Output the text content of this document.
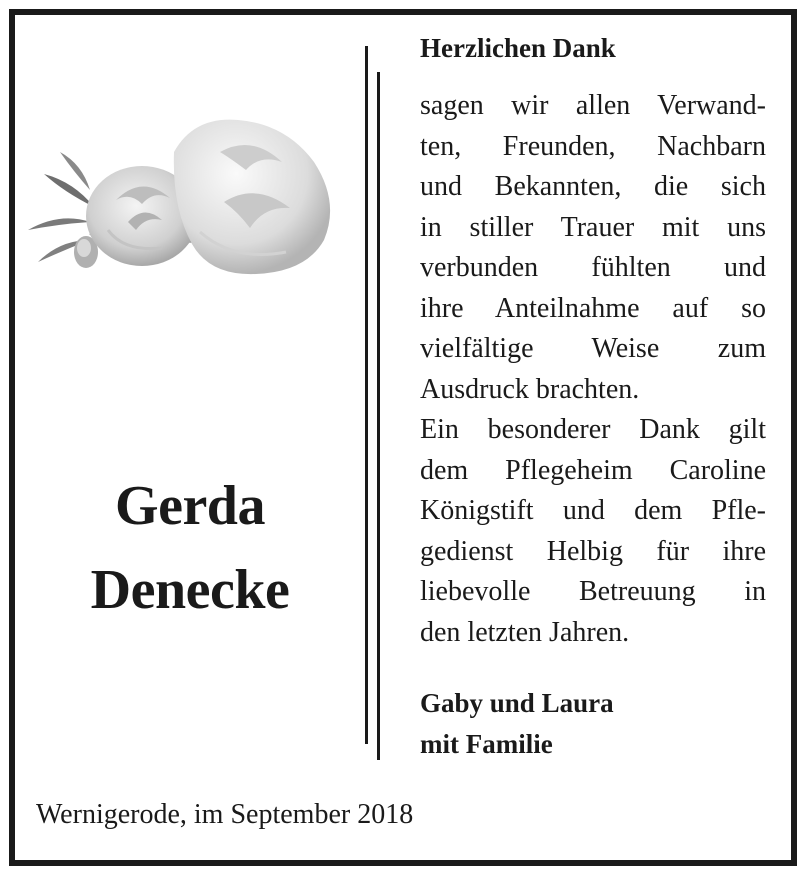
Gerda
Denecke
Herzlichen Dank
sagen wir allen Verwand-
ten, Freunden, Nachbarn
und Bekannten, die sich
in stiller Trauer mit uns
verbunden fühlten und
ihre Anteilnahme auf so
vielfältige Weise zum
Ausdruck brachten.
Ein besonderer Dank gilt
dem Pflegeheim Caroline
Königstift und dem Pfle-
gedienst Helbig für ihre
liebevolle Betreuung in
den letzten Jahren.
Gaby und Laura
mit Familie
Wernigerode, im September 2018
